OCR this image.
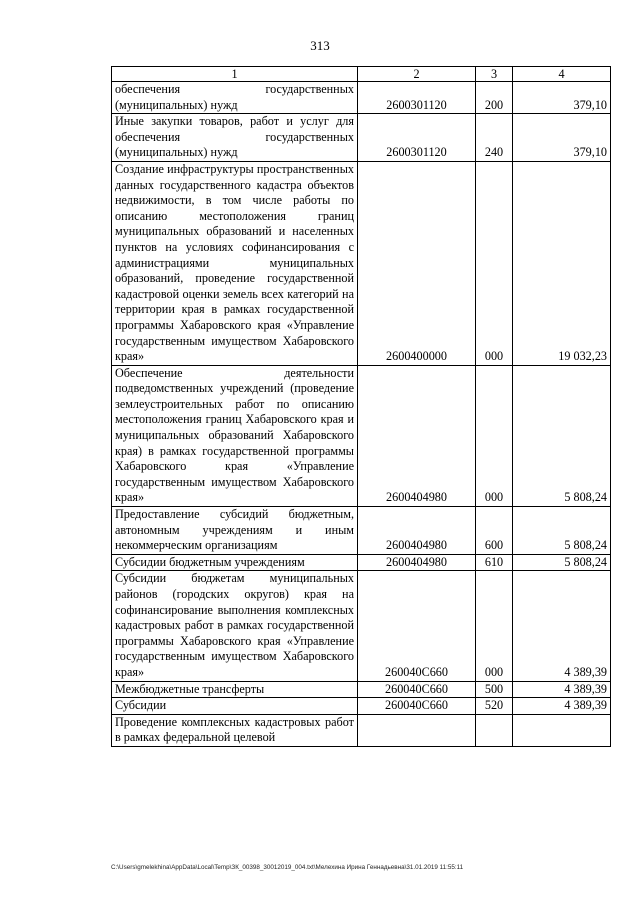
313
1	2	3	4
обеспечения государственных (муниципальных) нужд	2600301120	200	379,10
Иные закупки товаров, работ и услуг для обеспечения государственных (муниципальных) нужд	2600301120	240	379,10
Создание инфраструктуры пространственных данных государственного кадастра объектов недвижимости, в том числе работы по описанию местоположения границ муниципальных образований и населенных пунктов на условиях софинансирования с администрациями муниципальных образований, проведение государственной кадастровой оценки земель всех категорий на территории края в рамках государственной программы Хабаровского края «Управление государственным имуществом Хабаровского края»	2600400000	000	19 032,23
Обеспечение деятельности подведомственных учреждений (проведение землеустроительных работ по описанию местоположения границ Хабаровского края и муниципальных образований Хабаровского края) в рамках государственной программы Хабаровского края «Управление государственным имуществом Хабаровского края»	2600404980	000	5 808,24
Предоставление субсидий бюджетным, автономным учреждениям и иным некоммерческим организациям	2600404980	600	5 808,24
Субсидии бюджетным учреждениям	2600404980	610	5 808,24
Субсидии бюджетам муниципальных районов (городских округов) края на софинансирование выполнения комплексных кадастровых работ в рамках государственной программы Хабаровского края «Управление государственным имуществом Хабаровского края»	260040С660	000	4 389,39
Межбюджетные трансферты	260040С660	500	4 389,39
Субсидии	260040С660	520	4 389,39
Проведение комплексных кадастровых работ в рамках федеральной целевой			
C:\Users\gmelekhina\AppData\Local\Temp\ЗК_00398_30012019_004.txt\Мелехина Ирина Геннадьевна\31.01.2019 11:55:11
